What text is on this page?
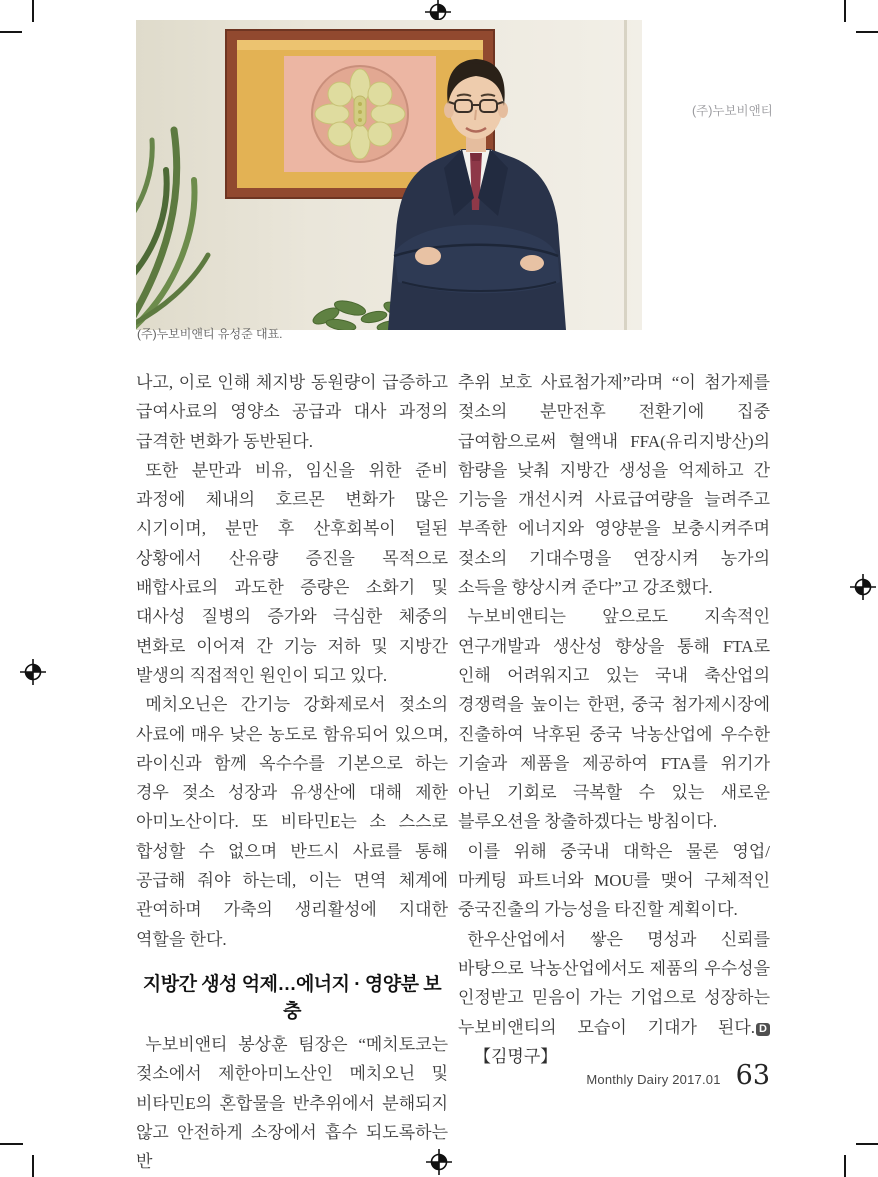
(주)누보비앤티
(주)누보비앤티 유성준 대표.

나고, 이로 인해 체지방 동원량이 급증하고 급여사료의 영양소 공급과 대사 과정의 급격한 변화가 동반된다.

또한 분만과 비유, 임신을 위한 준비 과정에 체내의 호르몬 변화가 많은 시기이며, 분만 후 산후회복이 덜된 상황에서 산유량 증진을 목적으로 배합사료의 과도한 증량은 소화기 및 대사성 질병의 증가와 극심한 체중의 변화로 이어져 간 기능 저하 및 지방간 발생의 직접적인 원인이 되고 있다.

메치오닌은 간기능 강화제로서 젖소의 사료에 매우 낮은 농도로 함유되어 있으며, 라이신과 함께 옥수수를 기본으로 하는 경우 젖소 성장과 유생산에 대해 제한 아미노산이다. 또 비타민E는 소 스스로 합성할 수 없으며 반드시 사료를 통해 공급해 줘야 하는데, 이는 면역 체계에 관여하며 가축의 생리활성에 지대한 역할을 한다.

지방간 생성 억제…에너지 · 영양분 보충

누보비앤티 봉상훈 팀장은 “메치토코는 젖소에서 제한아미노산인 메치오닌 및 비타민E의 혼합물을 반추위에서 분해되지 않고 안전하게 소장에서 흡수 되도록하는 반

추위 보호 사료첨가제”라며 “이 첨가제를 젖소의 분만전후 전환기에 집중 급여함으로써 혈액내 FFA(유리지방산)의 함량을 낮춰 지방간 생성을 억제하고 간 기능을 개선시켜 사료급여량을 늘려주고 부족한 에너지와 영양분을 보충시켜주며 젖소의 기대수명을 연장시켜 농가의 소득을 향상시켜 준다”고 강조했다.

누보비앤티는 앞으로도 지속적인 연구개발과 생산성 향상을 통해 FTA로 인해 어려워지고 있는 국내 축산업의 경쟁력을 높이는 한편, 중국 첨가제시장에 진출하여 낙후된 중국 낙농산업에 우수한 기술과 제품을 제공하여 FTA를 위기가 아닌 기회로 극복할 수 있는 새로운 블루오션을 창출하겠다는 방침이다.

이를 위해 중국내 대학은 물론 영업/마케팅 파트너와 MOU를 맺어 구체적인 중국진출의 가능성을 타진할 계획이다.

한우산업에서 쌓은 명성과 신뢰를 바탕으로 낙농산업에서도 제품의 우수성을 인정받고 믿음이 가는 기업으로 성장하는 누보비앤티의 모습이 기대가 된다. D【김명구】

Monthly Dairy 2017.01 63
